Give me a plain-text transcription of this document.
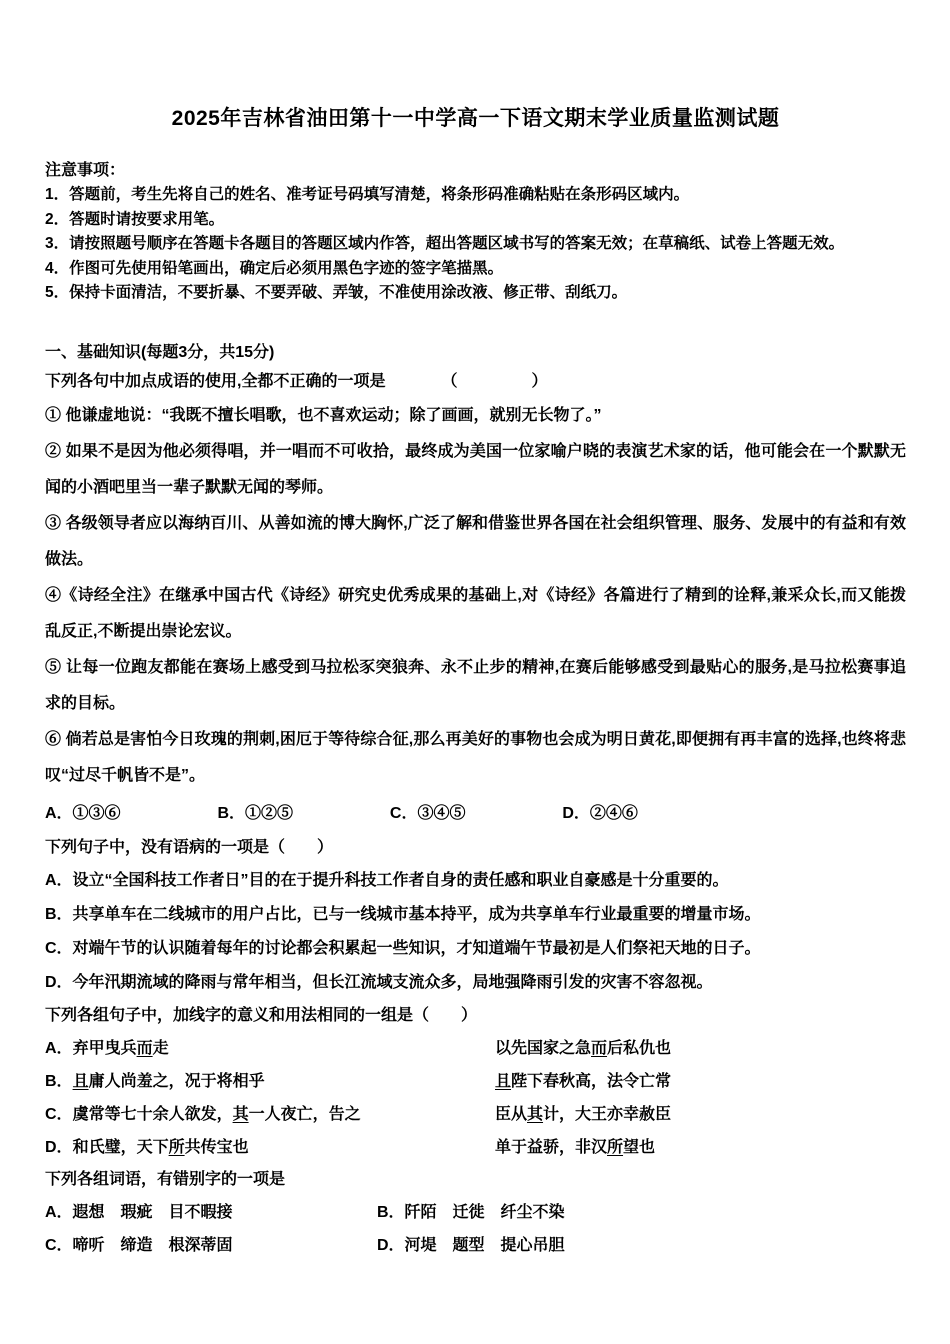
2025年吉林省油田第十一中学高一下语文期末学业质量监测试题
注意事项：

1．答题前，考生先将自己的姓名、准考证号码填写清楚，将条形码准确粘贴在条形码区域内。

2．答题时请按要求用笔。

3．请按照题号顺序在答题卡各题目的答题区域内作答，超出答题区域书写的答案无效；在草稿纸、试卷上答题无效。

4．作图可先使用铅笔画出，确定后必须用黑色字迹的签字笔描黑。

5．保持卡面清洁，不要折暴、不要弄破、弄皱，不准使用涂改液、修正带、刮纸刀。

一、基础知识(每题3分，共15分)
下列各句中加点成语的使用,全都不正确的一项是	（　　　　）

① 他谦虚地说：“我既不擅长唱歌，也不喜欢运动；除了画画，就别无长物了。”

② 如果不是因为他必须得唱，并一唱而不可收拾，最终成为美国一位家喻户晓的表演艺术家的话，他可能会在一个默默无闻的小酒吧里当一辈子默默无闻的琴师。

③ 各级领导者应以海纳百川、从善如流的博大胸怀,广泛了解和借鉴世界各国在社会组织管理、服务、发展中的有益和有效做法。

④《诗经全注》在继承中国古代《诗经》研究史优秀成果的基础上,对《诗经》各篇进行了精到的诠释,兼采众长,而又能拨乱反正,不断提出崇论宏议。

⑤ 让每一位跑友都能在赛场上感受到马拉松豕突狼奔、永不止步的精神,在赛后能够感受到最贴心的服务,是马拉松赛事追求的目标。

⑥ 倘若总是害怕今日玫瑰的荆刺,困厄于等待综合征,那么再美好的事物也会成为明日黄花,即便拥有再丰富的选择,也终将悲叹“过尽千帆皆不是”。

A．①③⑥	B．①②⑤	C．③④⑤	D．②④⑥
下列句子中，没有语病的一项是（　　）

A．设立“全国科技工作者日”目的在于提升科技工作者自身的责任感和职业自豪感是十分重要的。

B．共享单车在二线城市的用户占比，已与一线城市基本持平，成为共享单车行业最重要的增量市场。

C．对端午节的认识随着每年的讨论都会积累起一些知识，才知道端午节最初是人们祭祀天地的日子。

D．今年汛期流域的降雨与常年相当，但长江流域支流众多，局地强降雨引发的灾害不容忽视。

下列各组句子中，加线字的意义和用法相同的一组是（　　）
A．弃甲曳兵而走	以先国家之急而后私仇也
B．且庸人尚羞之，况于将相乎	且陛下春秋高，法令亡常
C．虞常等七十余人欲发，其一人夜亡，告之	臣从其计，大王亦幸赦臣
D．和氏璧，天下所共传宝也	单于益骄，非汉所望也
下列各组词语，有错别字的一项是
A．遐想　瑕疵　目不暇接	B．阡陌　迁徙　纤尘不染
C．啼听　缔造　根深蒂固	D．河堤　题型　提心吊胆
